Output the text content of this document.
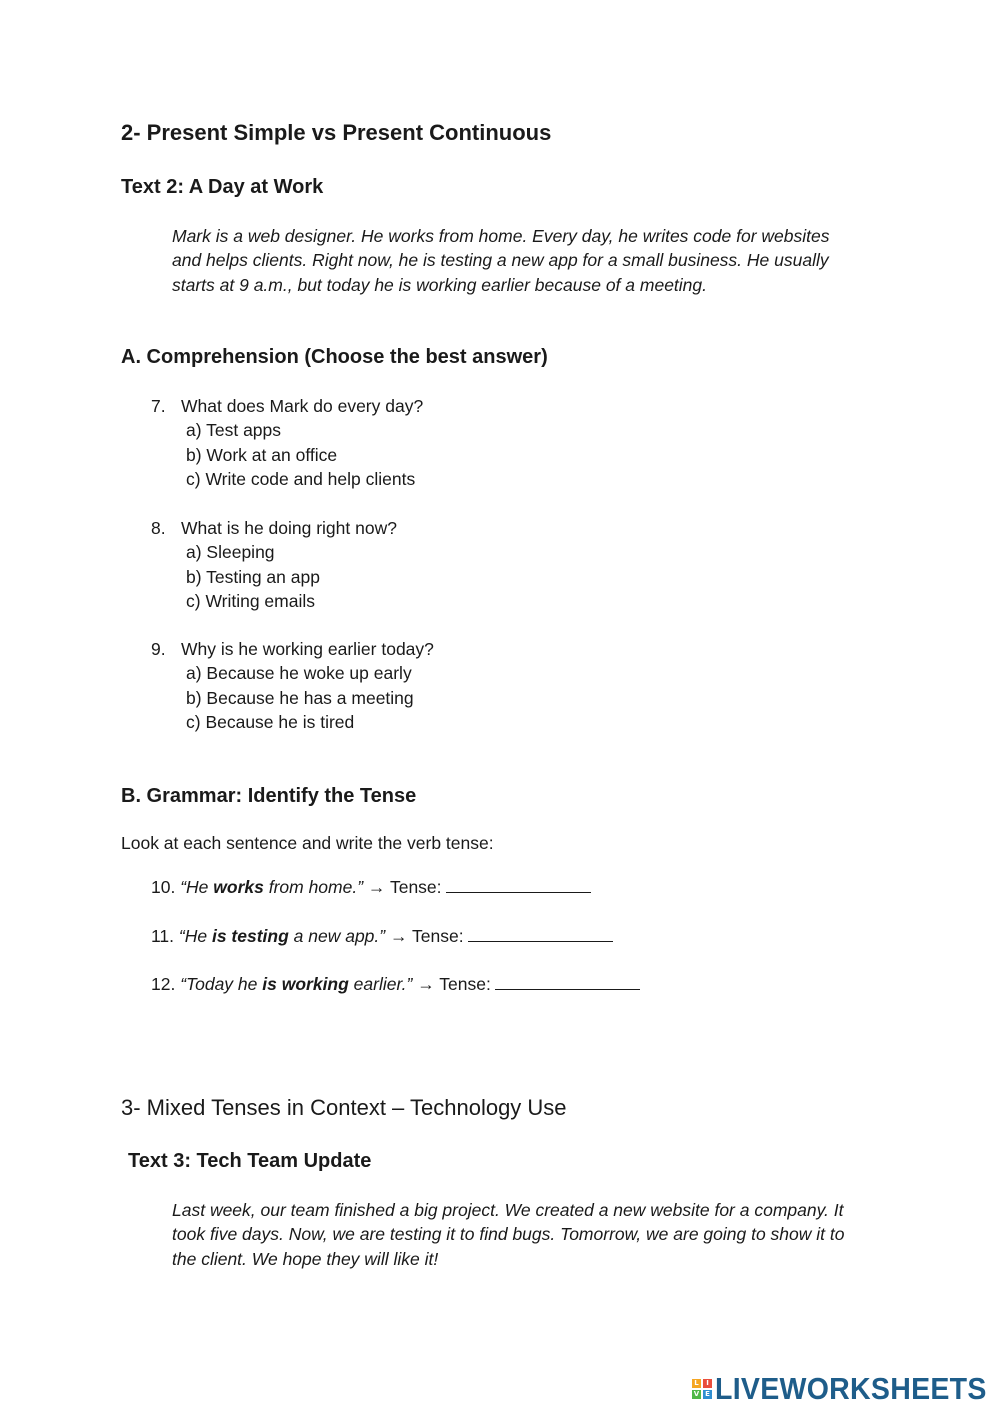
2- Present Simple vs Present Continuous
Text 2: A Day at Work

Mark is a web designer. He works from home. Every day, he writes code for websites and helps clients. Right now, he is testing a new app for a small business. He usually starts at 9 a.m., but today he is working earlier because of a meeting.

A. Comprehension (Choose the best answer)
7. What does Mark do every day?
a) Test apps
b) Work at an office
c) Write code and help clients
8. What is he doing right now?
a) Sleeping
b) Testing an app
c) Writing emails
9. Why is he working earlier today?
a) Because he woke up early
b) Because he has a meeting
c) Because he is tired
B. Grammar: Identify the Tense

Look at each sentence and write the verb tense:

10. “He works from home.” → Tense:
11. “He is testing a new app.” → Tense:
12. “Today he is working earlier.” → Tense:
3- Mixed Tenses in Context – Technology Use
Text 3: Tech Team Update

Last week, our team finished a big project. We created a new website for a company. It took five days. Now, we are testing it to find bugs. Tomorrow, we are going to show it to the client. We hope they will like it!

L	I
V E LIVEWORKSHEETS
